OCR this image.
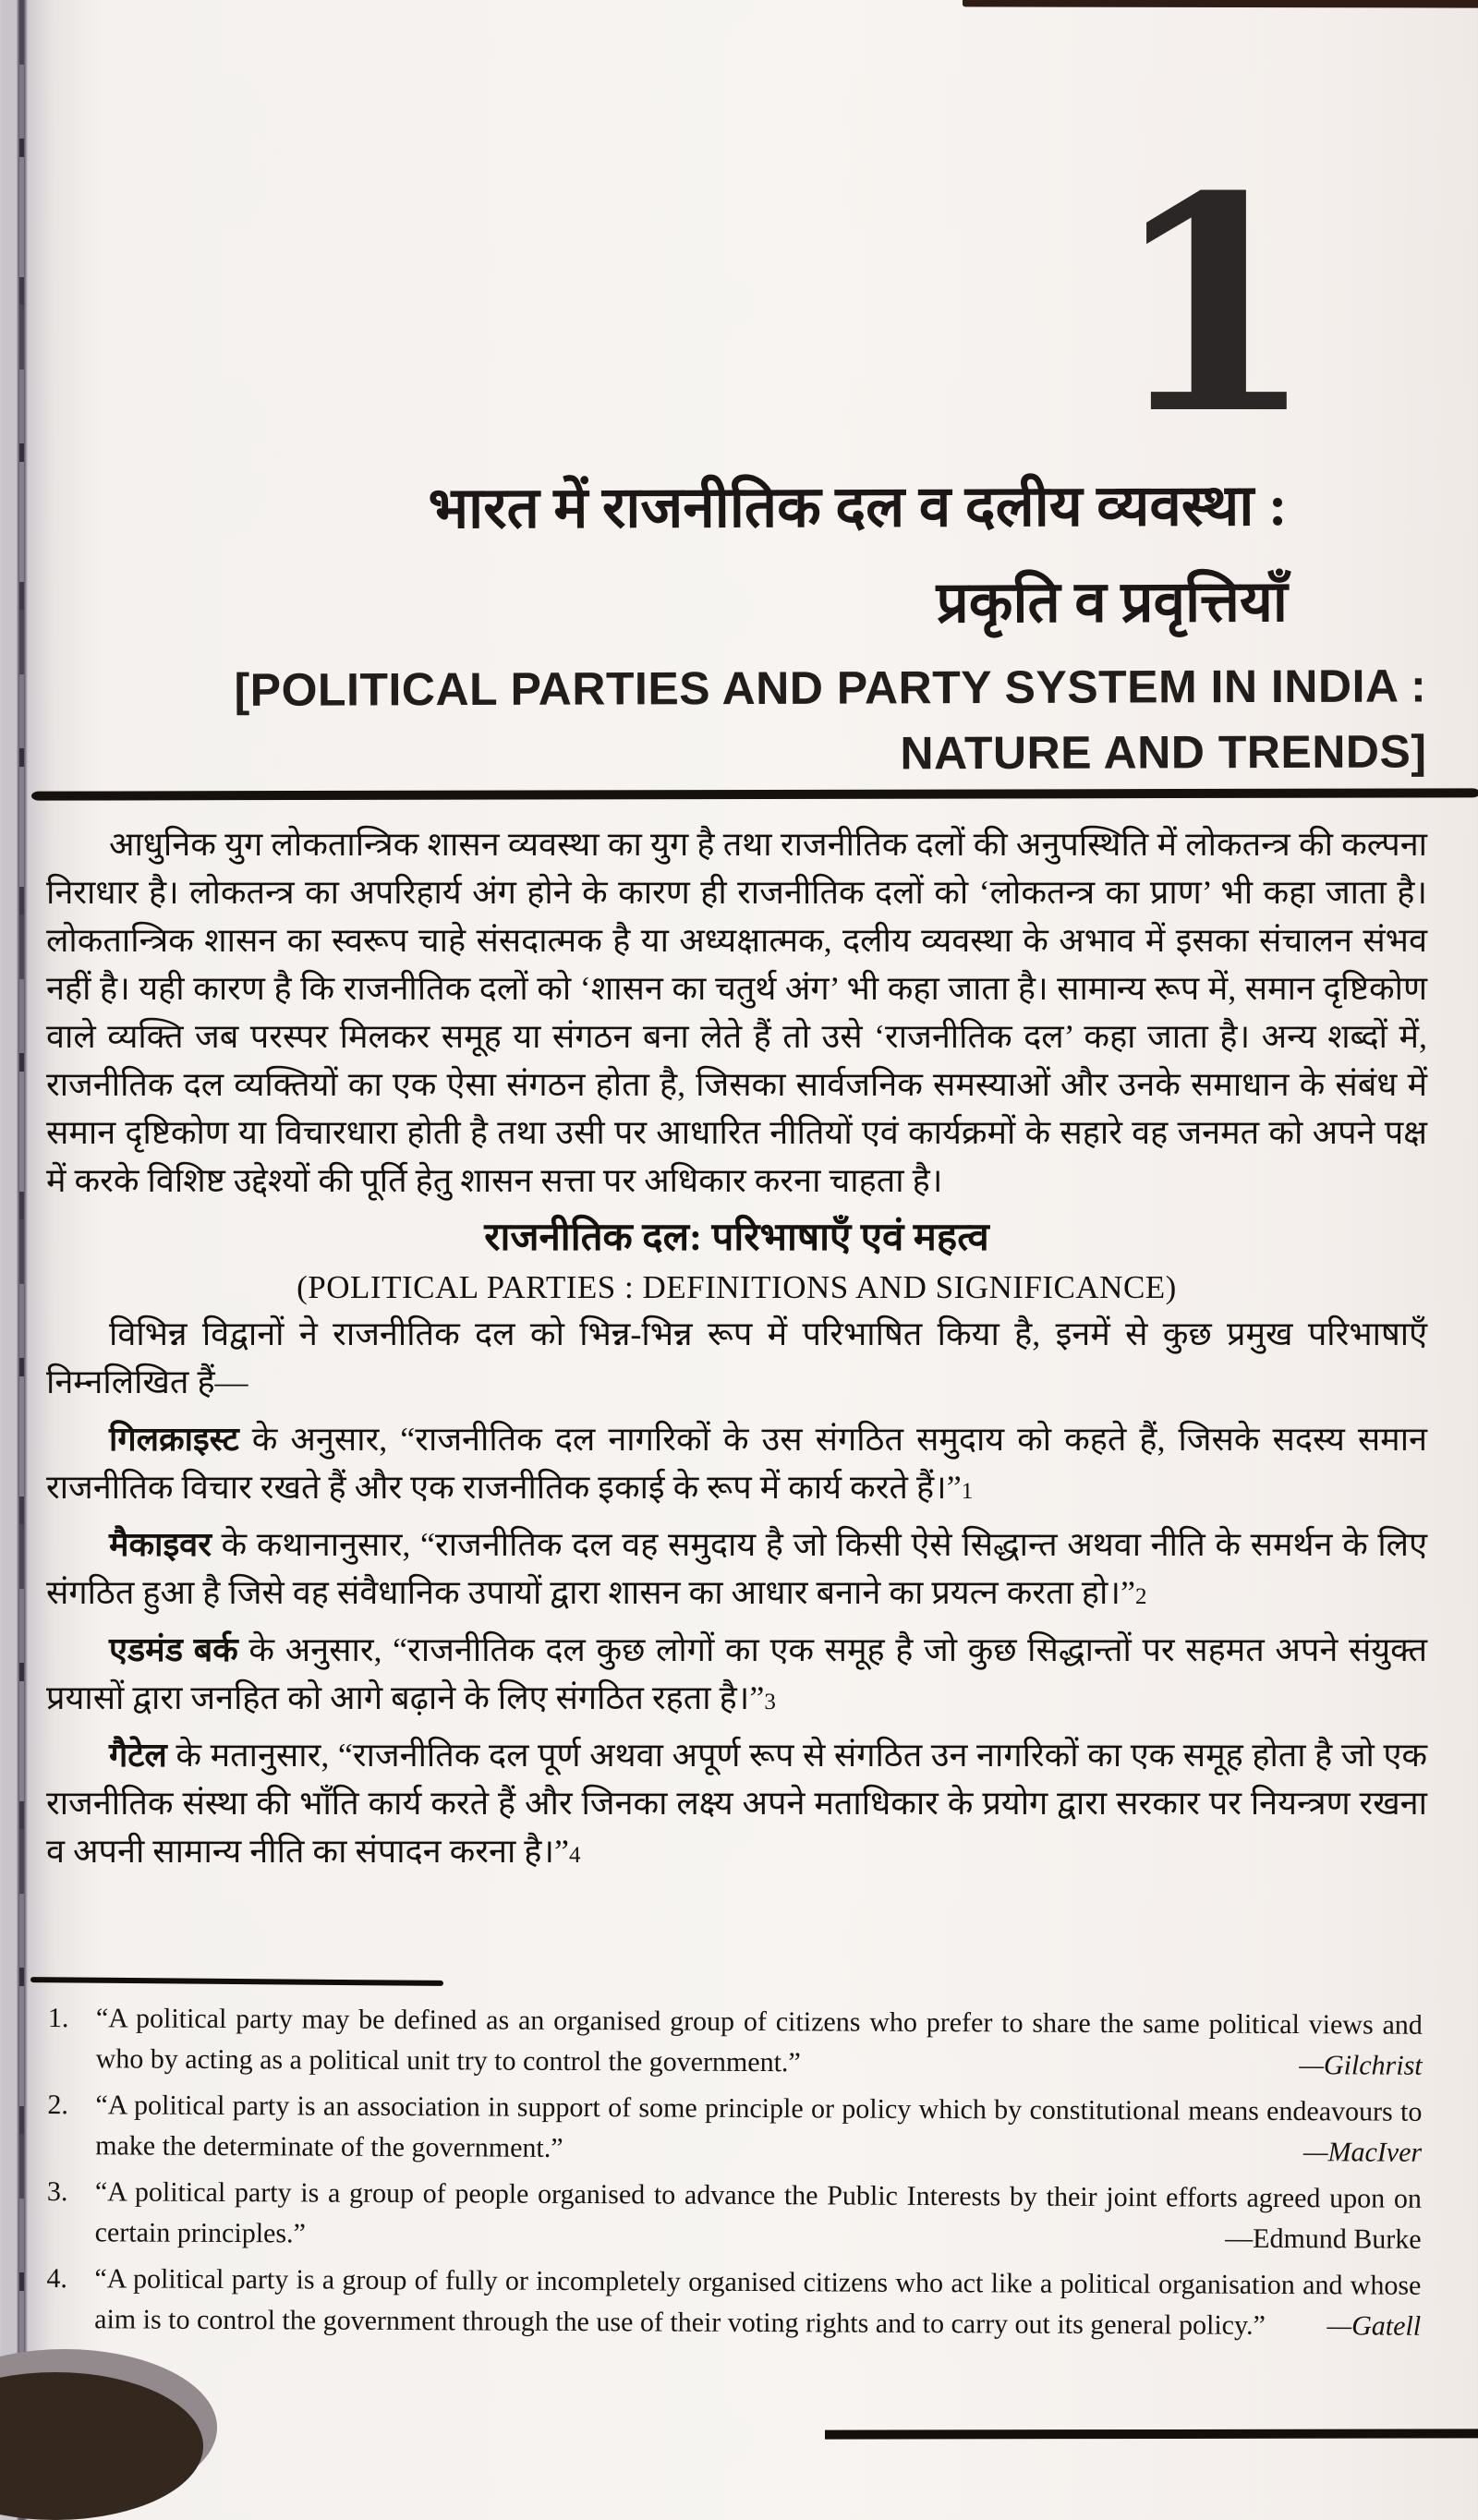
1
भारत में राजनीतिक दल व दलीय व्यवस्था :
प्रकृति व प्रवृत्तियाँ
[POLITICAL PARTIES AND PARTY SYSTEM IN INDIA :
NATURE AND TRENDS]

आधुनिक युग लोकतान्त्रिक शासन व्यवस्था का युग है तथा राजनीतिक दलों की अनुपस्थिति में लोकतन्त्र की कल्पना निराधार है। लोकतन्त्र का अपरिहार्य अंग होने के कारण ही राजनीतिक दलों को ‘लोकतन्त्र का प्राण’ भी कहा जाता है। लोकतान्त्रिक शासन का स्वरूप चाहे संसदात्मक है या अध्यक्षात्मक, दलीय व्यवस्था के अभाव में इसका संचालन संभव नहीं है। यही कारण है कि राजनीतिक दलों को ‘शासन का चतुर्थ अंग’ भी कहा जाता है। सामान्य रूप में, समान दृष्टिकोण वाले व्यक्ति जब परस्पर मिलकर समूह या संगठन बना लेते हैं तो उसे ‘राजनीतिक दल’ कहा जाता है। अन्य शब्दों में, राजनीतिक दल व्यक्तियों का एक ऐसा संगठन होता है, जिसका सार्वजनिक समस्याओं और उनके समाधान के संबंध में समान दृष्टिकोण या विचारधारा होती है तथा उसी पर आधारित नीतियों एवं कार्यक्रमों के सहारे वह जनमत को अपने पक्ष में करके विशिष्ट उद्देश्यों की पूर्ति हेतु शासन सत्ता पर अधिकार करना चाहता है।

राजनीतिक दल: परिभाषाएँ एवं महत्व

(POLITICAL PARTIES : DEFINITIONS AND SIGNIFICANCE)

विभिन्न विद्वानों ने राजनीतिक दल को भिन्न-भिन्न रूप में परिभाषित किया है, इनमें से कुछ प्रमुख परिभाषाएँ निम्नलिखित हैं—

गिलक्राइस्ट के अनुसार, “राजनीतिक दल नागरिकों के उस संगठित समुदाय को कहते हैं, जिसके सदस्य समान राजनीतिक विचार रखते हैं और एक राजनीतिक इकाई के रूप में कार्य करते हैं।”1

मैकाइवर के कथानानुसार, “राजनीतिक दल वह समुदाय है जो किसी ऐसे सिद्धान्त अथवा नीति के समर्थन के लिए संगठित हुआ है जिसे वह संवैधानिक उपायों द्वारा शासन का आधार बनाने का प्रयत्न करता हो।”2

एडमंड बर्क के अनुसार, “राजनीतिक दल कुछ लोगों का एक समूह है जो कुछ सिद्धान्तों पर सहमत अपने संयुक्त प्रयासों द्वारा जनहित को आगे बढ़ाने के लिए संगठित रहता है।”3

गैटेल के मतानुसार, “राजनीतिक दल पूर्ण अथवा अपूर्ण रूप से संगठित उन नागरिकों का एक समूह होता है जो एक राजनीतिक संस्था की भाँति कार्य करते हैं और जिनका लक्ष्य अपने मताधिकार के प्रयोग द्वारा सरकार पर नियन्त्रण रखना व अपनी सामान्य नीति का संपादन करना है।”4

1. “A political party may be defined as an organised group of citizens who prefer to share the same political views and who by acting as a political unit try to control the government.”	—Gilchrist
2. “A political party is an association in support of some principle or policy which by constitutional means endeavours to make the determinate of the government.”	—MacIver
3. “A political party is a group of people organised to advance the Public Interests by their joint efforts agreed upon on certain principles.”	—Edmund Burke
4. “A political party is a group of fully or incompletely organised citizens who act like a political organisation and whose aim is to control the government through the use of their voting rights and to carry out its general policy.”	—Gatell
